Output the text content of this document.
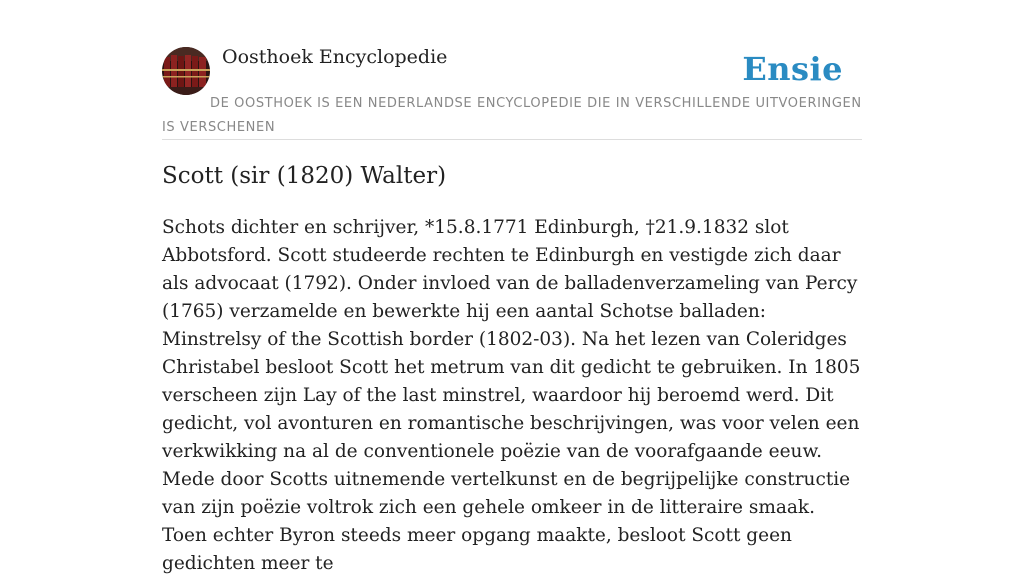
Oosthoek Encyclopedie	Ensie
DE OOSTHOEK IS EEN NEDERLANDSE ENCYCLOPEDIE DIE IN VERSCHILLENDE UITVOERINGEN IS VERSCHENEN
Scott (sir (1820) Walter)

Schots dichter en schrijver, *15.8.1771 Edinburgh, †21.9.1832 slot Abbotsford. Scott studeerde rechten te Edinburgh en vestigde zich daar als advocaat (1792). Onder invloed van de balladenverzameling van Percy (1765) verzamelde en bewerkte hij een aantal Schotse balladen: Minstrelsy of the Scottish border (1802-03). Na het lezen van Coleridges Christabel besloot Scott het metrum van dit gedicht te gebruiken. In 1805 verscheen zijn Lay of the last minstrel, waardoor hij beroemd werd. Dit gedicht, vol avonturen en romantische beschrijvingen, was voor velen een verkwikking na al de conventionele poëzie van de voorafgaande eeuw. Mede door Scotts uitnemende vertelkunst en de begrijpelijke constructie van zijn poëzie voltrok zich een gehele omkeer in de litteraire smaak. Toen echter Byron steeds meer opgang maakte, besloot Scott geen gedichten meer te
